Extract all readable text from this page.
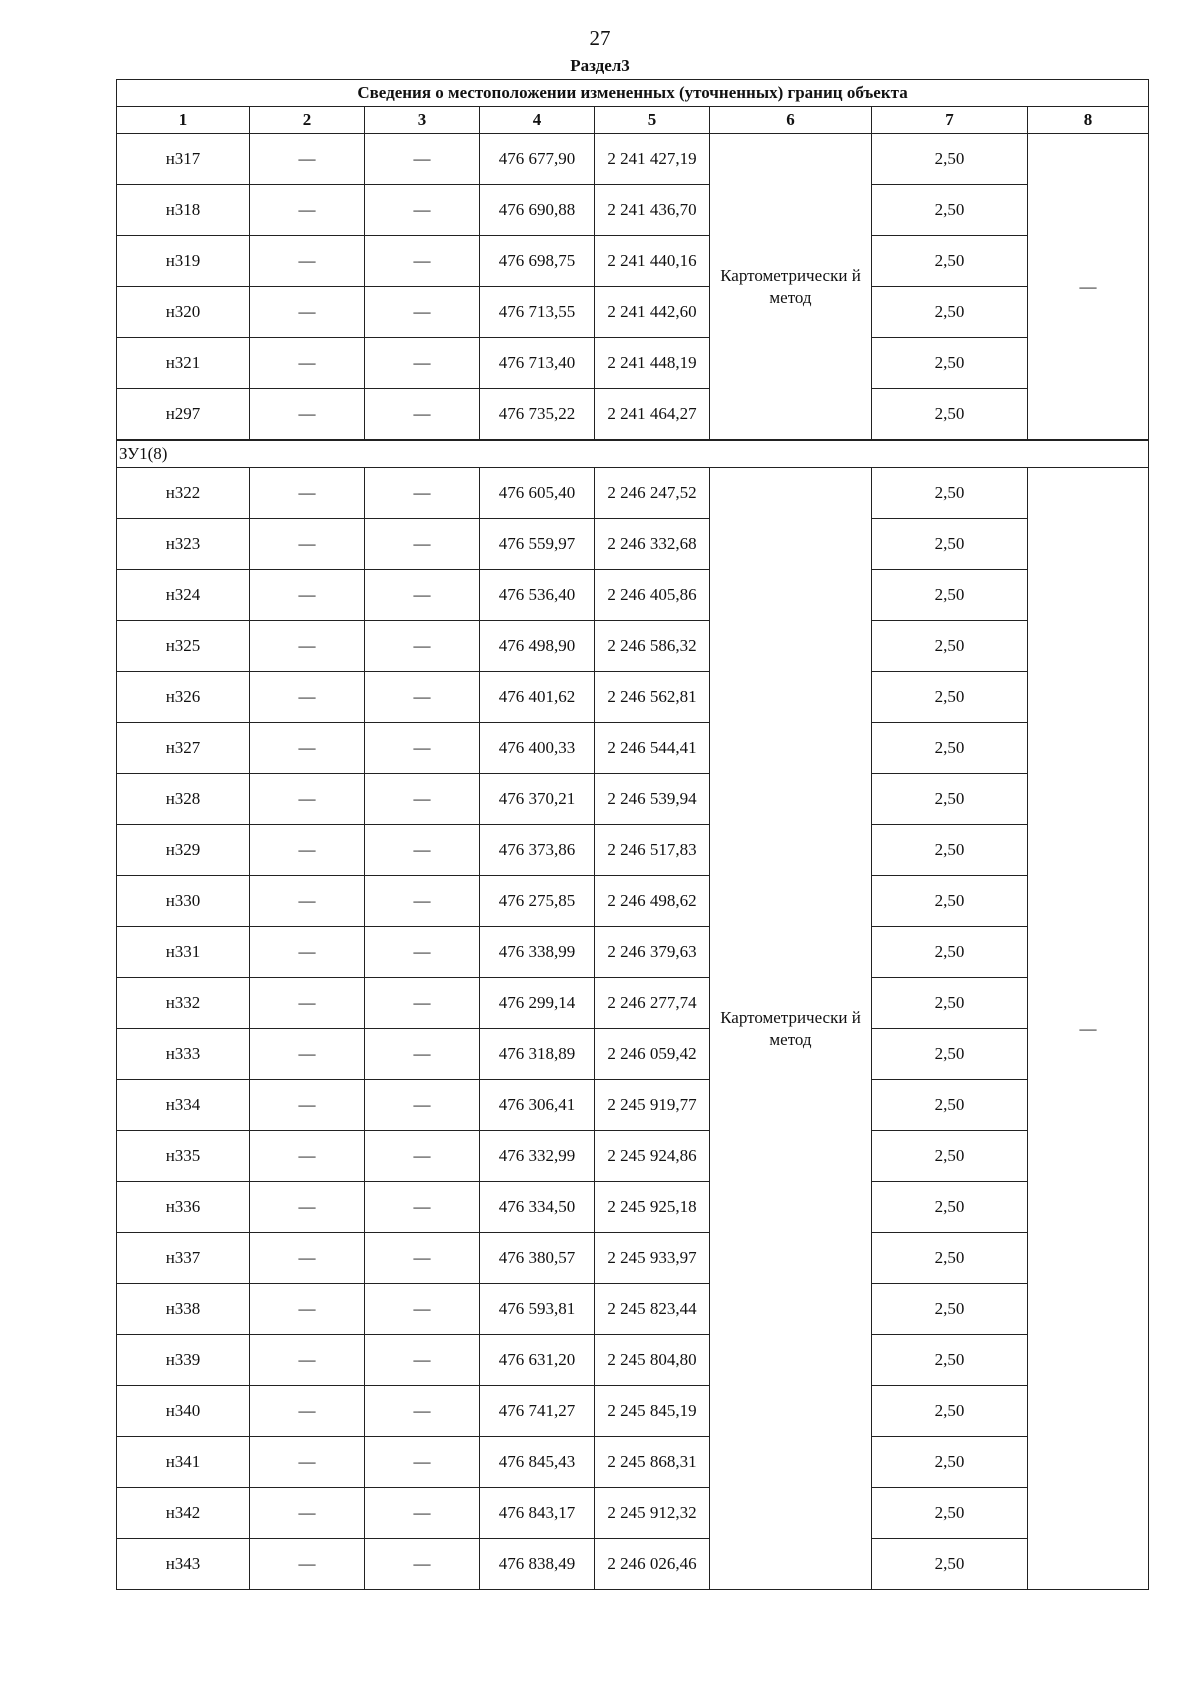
27
Раздел3
Сведения о местоположении измененных (уточненных) границ объекта							
1	2	3	4	5	6	7	8
н317	—	—	476 677,90	2 241 427,19	Картометрически й метод	2,50	—
н318	—	—	476 690,88	2 241 436,70		2,50	
н319	—	—	476 698,75	2 241 440,16		2,50	
н320	—	—	476 713,55	2 241 442,60		2,50	
н321	—	—	476 713,40	2 241 448,19		2,50	
н297	—	—	476 735,22	2 241 464,27		2,50	
ЗУ1(8)							
н322	—	—	476 605,40	2 246 247,52	Картометрически й метод	2,50	—
н323	—	—	476 559,97	2 246 332,68		2,50	
н324	—	—	476 536,40	2 246 405,86		2,50	
н325	—	—	476 498,90	2 246 586,32		2,50	
н326	—	—	476 401,62	2 246 562,81		2,50	
н327	—	—	476 400,33	2 246 544,41		2,50	
н328	—	—	476 370,21	2 246 539,94		2,50	
н329	—	—	476 373,86	2 246 517,83		2,50	
н330	—	—	476 275,85	2 246 498,62		2,50	
н331	—	—	476 338,99	2 246 379,63		2,50	
н332	—	—	476 299,14	2 246 277,74		2,50	
н333	—	—	476 318,89	2 246 059,42		2,50	
н334	—	—	476 306,41	2 245 919,77		2,50	
н335	—	—	476 332,99	2 245 924,86		2,50	
н336	—	—	476 334,50	2 245 925,18		2,50	
н337	—	—	476 380,57	2 245 933,97		2,50	
н338	—	—	476 593,81	2 245 823,44		2,50	
н339	—	—	476 631,20	2 245 804,80		2,50	
н340	—	—	476 741,27	2 245 845,19		2,50	
н341	—	—	476 845,43	2 245 868,31		2,50	
н342	—	—	476 843,17	2 245 912,32		2,50	
н343	—	—	476 838,49	2 246 026,46		2,50	
